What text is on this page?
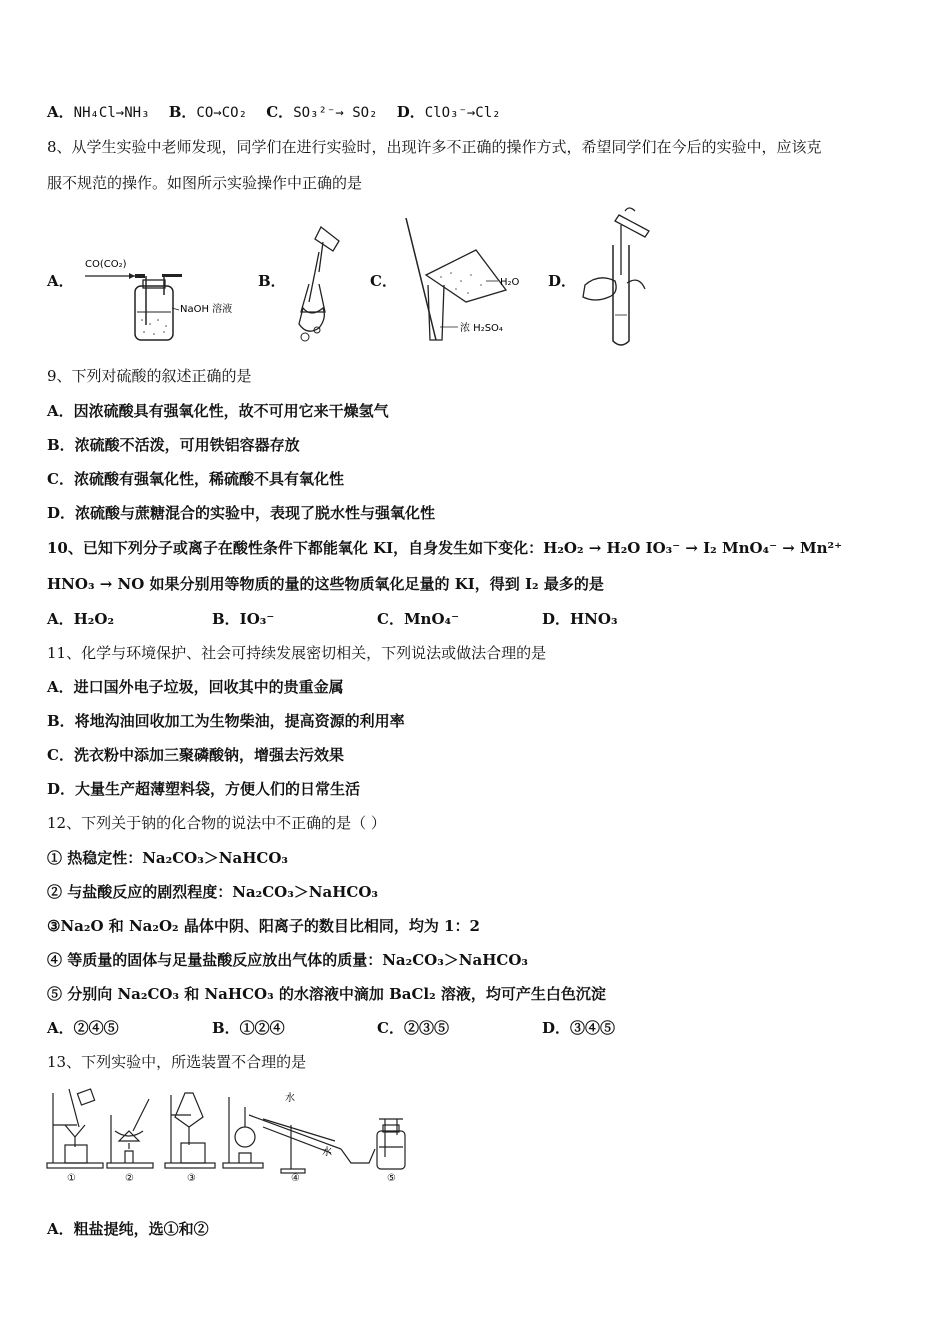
A．NH₄Cl→NH₃ B．CO→CO₂ C．SO₃²⁻→ SO₂ D．ClO₃⁻→Cl₂
8、从学生实验中老师发现，同学们在进行实验时，出现许多不正确的操作方式，希望同学们在今后的实验中，应该克
服不规范的操作。如图所示实验操作中正确的是
A．
CO(CO₂)
NaOH 溶液
B．	C．	H₂O
浓 H₂SO₄
D．
9、下列对硫酸的叙述正确的是
A．因浓硫酸具有强氧化性，故不可用它来干燥氢气
B．浓硫酸不活泼，可用铁铝容器存放
C．浓硫酸有强氧化性，稀硫酸不具有氧化性
D．浓硫酸与蔗糖混合的实验中，表现了脱水性与强氧化性
10、已知下列分子或离子在酸性条件下都能氧化 KI，自身发生如下变化：H₂O₂ → H₂O IO₃⁻ → I₂ MnO₄⁻ → Mn²⁺
HNO₃ → NO 如果分别用等物质的量的这些物质氧化足量的 KI，得到 I₂ 最多的是
A．H₂O₂	B．IO₃⁻	C．MnO₄⁻	D．HNO₃
11、化学与环境保护、社会可持续发展密切相关，下列说法或做法合理的是
A．进口国外电子垃圾，回收其中的贵重金属
B．将地沟油回收加工为生物柴油，提高资源的利用率
C．洗衣粉中添加三聚磷酸钠，增强去污效果
D．大量生产超薄塑料袋，方便人们的日常生活
12、下列关于钠的化合物的说法中不正确的是（ ）
① 热稳定性：Na₂CO₃＞NaHCO₃
② 与盐酸反应的剧烈程度：Na₂CO₃＞NaHCO₃
③Na₂O 和 Na₂O₂ 晶体中阴、阳离子的数目比相同，均为 1：2
④ 等质量的固体与足量盐酸反应放出气体的质量：Na₂CO₃＞NaHCO₃
⑤ 分别向 Na₂CO₃ 和 NaHCO₃ 的水溶液中滴加 BaCl₂ 溶液，均可产生白色沉淀
A．②④⑤	B．①②④	C．②③⑤	D．③④⑤
13、下列实验中，所选装置不合理的是
水
水
①	②	③	④	⑤
A．粗盐提纯，选①和②
